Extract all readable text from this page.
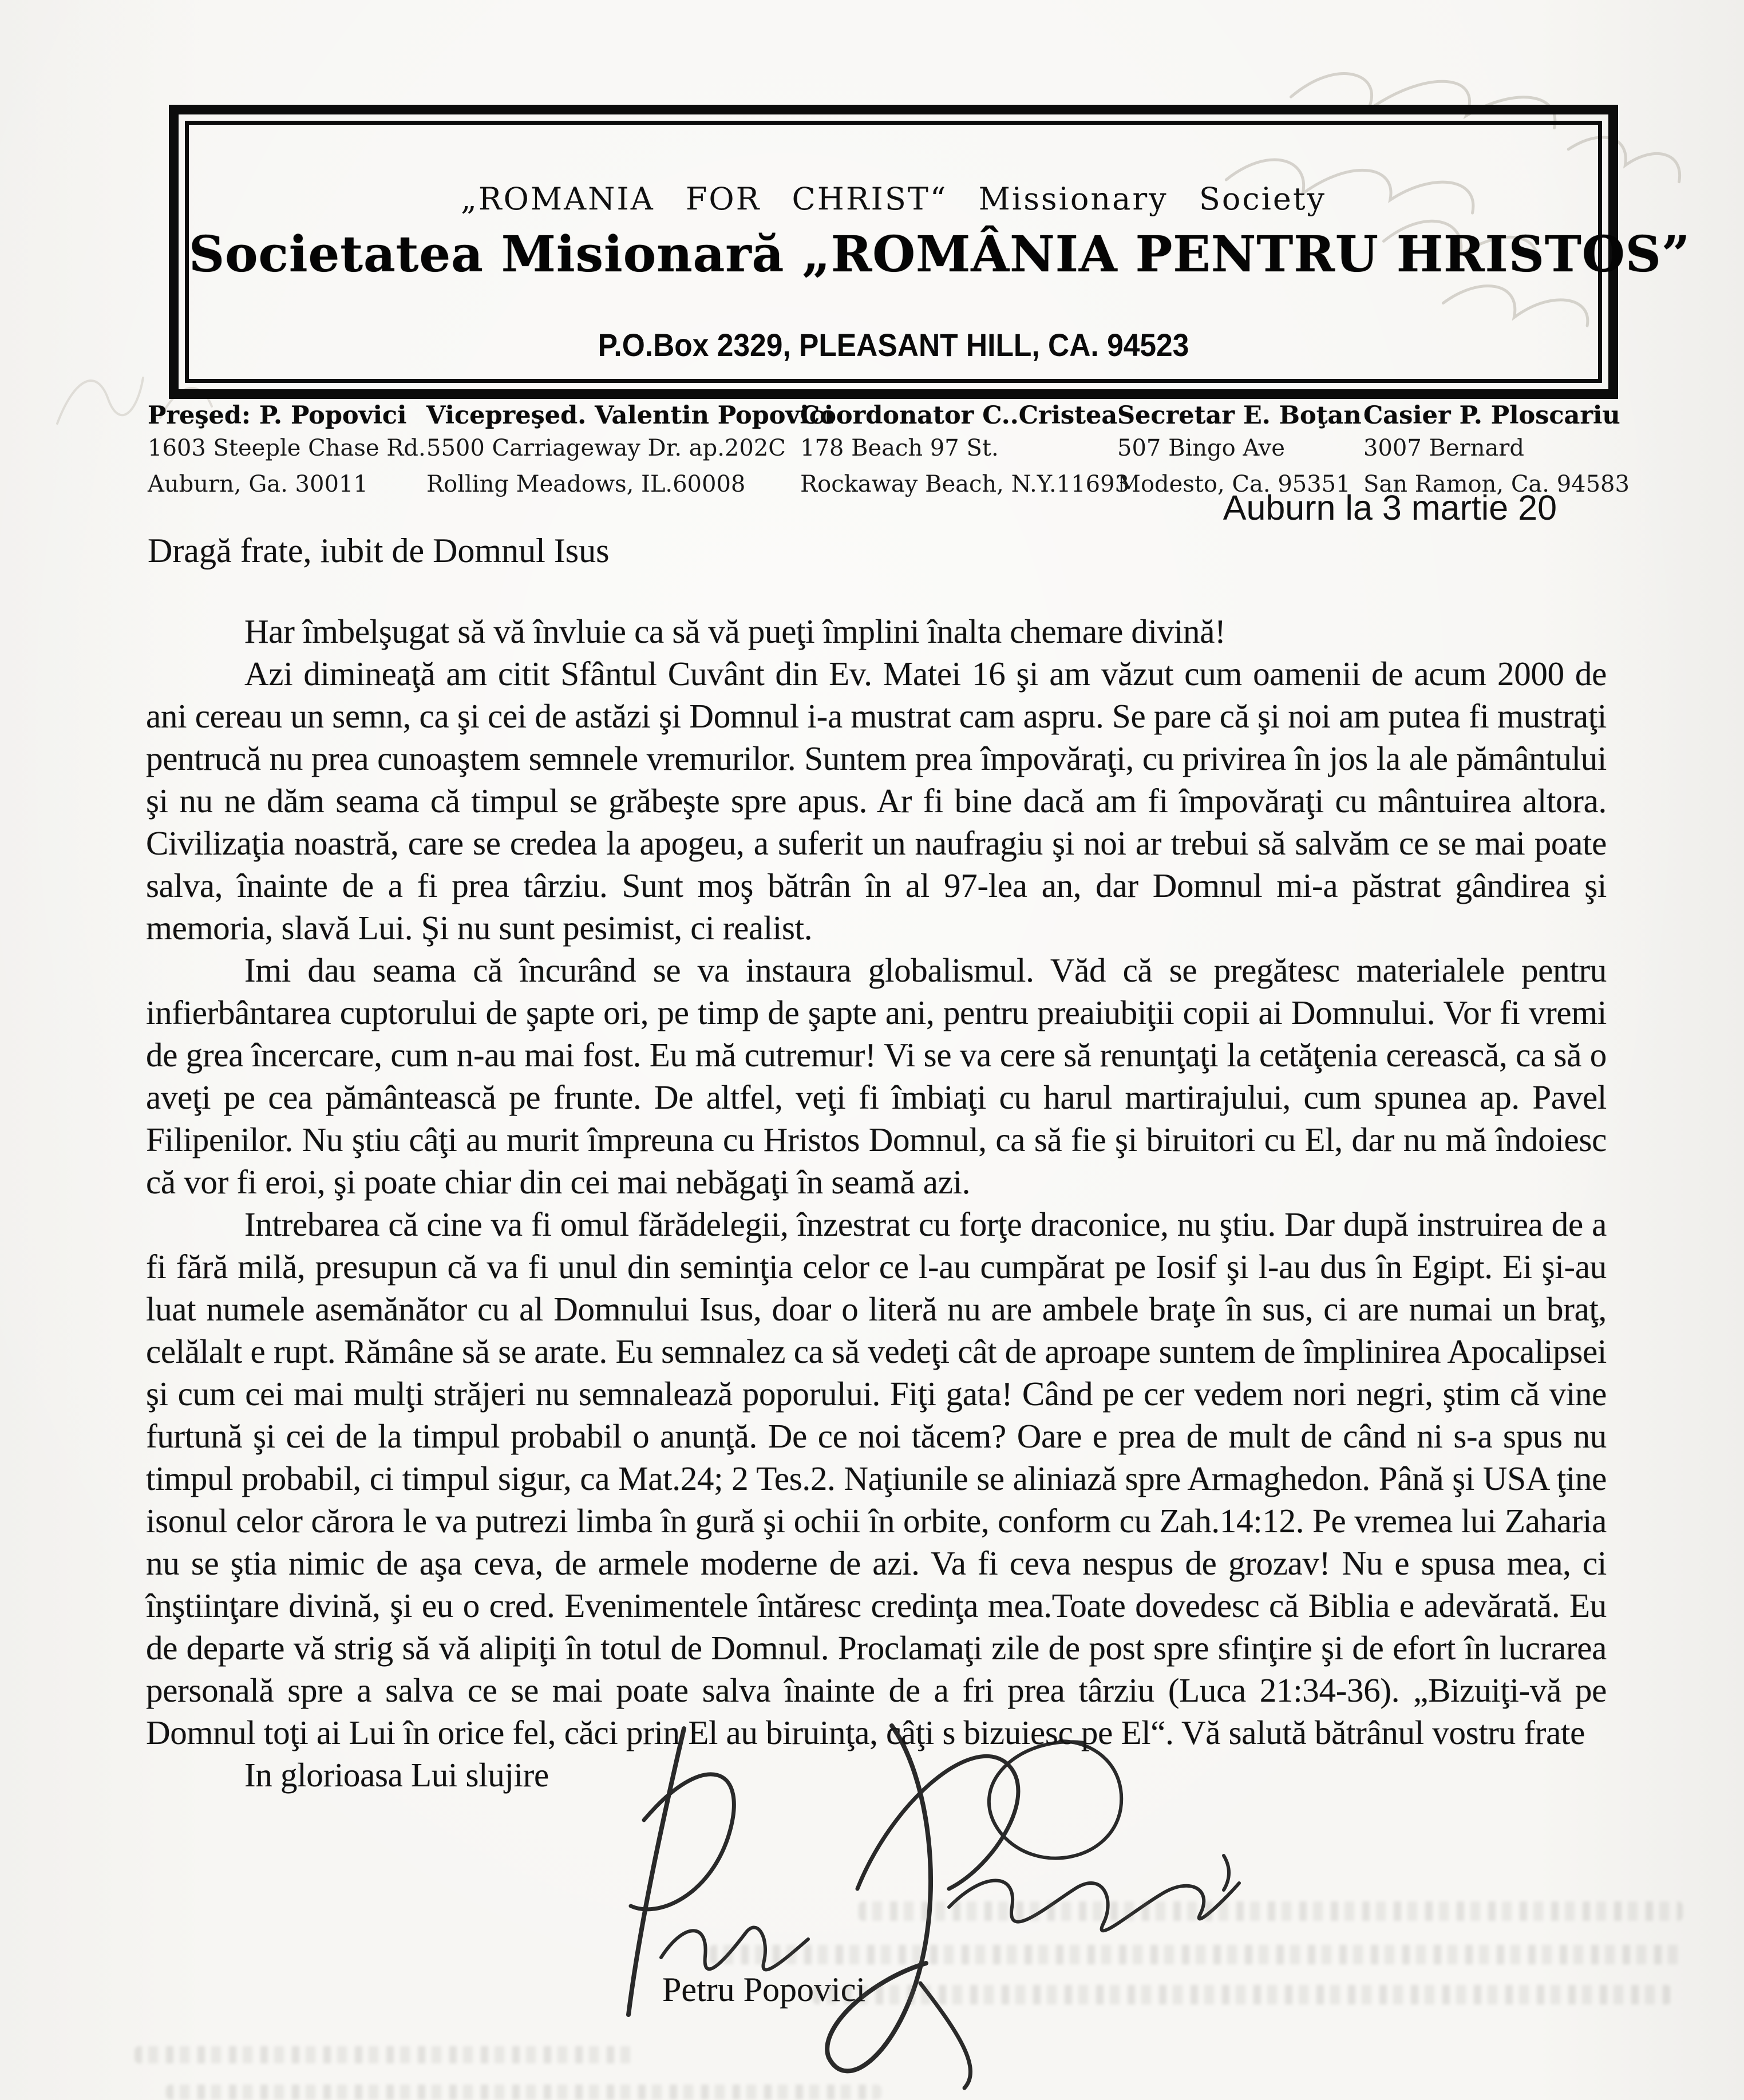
„ROMANIA FOR CHRIST“ Missionary Society
Societatea Misionară „ROMÂNIA PENTRU HRISTOS”
P.O.Box 2329, PLEASANT HILL, CA. 94523
Preşed: P. Popovici
1603 Steeple Chase Rd.
Auburn, Ga. 30011
Vicepreşed. Valentin Popovici
5500 Carriageway Dr. ap.202C
Rolling Meadows, IL.60008
Coordonator C..Cristea
178 Beach 97 St.
Rockaway Beach, N.Y.11693
Secretar E. Boţan
507 Bingo Ave
Modesto, Ca. 95351
Casier P. Ploscariu
3007 Bernard
San Ramon, Ca. 94583
Auburn la 3 martie 20
Dragă frate, iubit de Domnul Isus

Har îmbelşugat să vă învluie ca să vă pueţi împlini înalta chemare divină!

Azi dimineaţă am citit Sfântul Cuvânt din Ev. Matei 16 şi am văzut cum oamenii de acum 2000 de ani cereau un semn, ca şi cei de astăzi şi Domnul i-a mustrat cam aspru. Se pare că şi noi am putea fi mustraţi pentrucă nu prea cunoaştem semnele vremurilor. Suntem prea împovăraţi, cu privirea în jos la ale pământului şi nu ne dăm seama că timpul se grăbeşte spre apus. Ar fi bine dacă am fi împovăraţi cu mântuirea altora. Civilizaţia noastră, care se credea la apogeu, a suferit un naufragiu şi noi ar trebui să salvăm ce se mai poate salva, înainte de a fi prea târziu. Sunt moş bătrân în al 97-lea an, dar Domnul mi-a păstrat gândirea şi memoria, slavă Lui. Şi nu sunt pesimist, ci realist.

Imi dau seama că încurând se va instaura globalismul. Văd că se pregătesc materialele pentru infierbântarea cuptorului de şapte ori, pe timp de şapte ani, pentru preaiubiţii copii ai Domnului. Vor fi vremi de grea încercare, cum n-au mai fost. Eu mă cutremur! Vi se va cere să renunţaţi la cetăţenia cerească, ca să o aveţi pe cea pământească pe frunte. De altfel, veţi fi îmbiaţi cu harul martirajului, cum spunea ap. Pavel Filipenilor. Nu ştiu câţi au murit împreuna cu Hristos Domnul, ca să fie şi biruitori cu El, dar nu mă îndoiesc că vor fi eroi, şi poate chiar din cei mai nebăgaţi în seamă azi.

Intrebarea că cine va fi omul fărădelegii, înzestrat cu forţe draconice, nu ştiu. Dar după instruirea de a fi fără milă, presupun că va fi unul din seminţia celor ce l-au cumpărat pe Iosif şi l-au dus în Egipt. Ei şi-au luat numele asemănător cu al Domnului Isus, doar o literă nu are ambele braţe în sus, ci are numai un braţ, celălalt e rupt. Rămâne să se arate. Eu semnalez ca să vedeţi cât de aproape suntem de împlinirea Apocalipsei şi cum cei mai mulţi străjeri nu semnalează poporului. Fiţi gata! Când pe cer vedem nori negri, ştim că vine furtună şi cei de la timpul probabil o anunţă. De ce noi tăcem? Oare e prea de mult de când ni s-a spus nu timpul probabil, ci timpul sigur, ca Mat.24; 2 Tes.2. Naţiunile se aliniază spre Armaghedon. Până şi USA ţine isonul celor cărora le va putrezi limba în gură şi ochii în orbite, conform cu Zah.14:12. Pe vremea lui Zaharia nu se ştia nimic de aşa ceva, de armele moderne de azi. Va fi ceva nespus de grozav! Nu e spusa mea, ci înştiinţare divină, şi eu o cred. Evenimentele întăresc credinţa mea.Toate dovedesc că Biblia e adevărată. Eu de departe vă strig să vă alipiţi în totul de Domnul. Proclamaţi zile de post spre sfinţire şi de efort în lucrarea personală spre a salva ce se mai poate salva înainte de a fri prea târziu (Luca 21:34-36). „Bizuiţi-vă pe Domnul toţi ai Lui în orice fel, căci prin El au biruinţa, câţi s bizuiesc pe El“. Vă salută bătrânul vostru frate

In glorioasa Lui slujire

Petru Popovici
